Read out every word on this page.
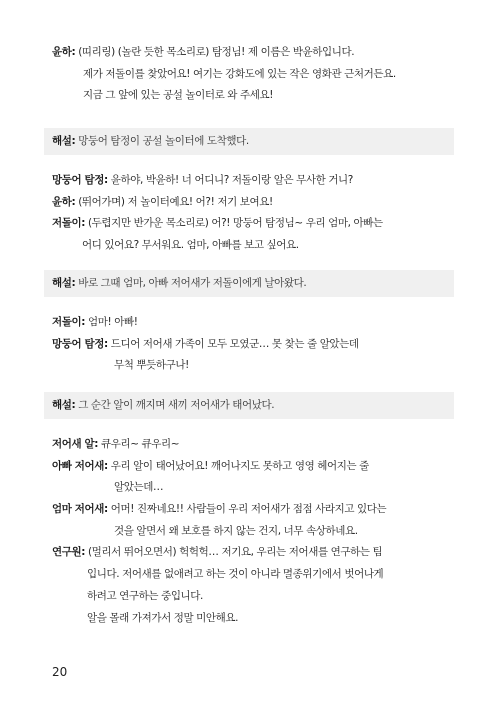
윤하: (띠리링) (놀란 듯한 목소리로) 탐정님! 제 이름은 박윤하입니다.
제가 저돌이를 찾았어요! 여기는 강화도에 있는 작은 영화관 근처거든요.
지금 그 앞에 있는 공설 놀이터로 와 주세요!
해설: 망둥어 탐정이 공설 놀이터에 도착했다.
망둥어 탐정: 윤하야, 박윤하! 너 어디니? 저돌이랑 알은 무사한 거니?
윤하: (뛰어가며) 저 놀이터예요! 어?! 저기 보여요!
저돌이: (두렵지만 반가운 목소리로) 어?! 망둥어 탐정님~ 우리 엄마, 아빠는
어디 있어요? 무서워요. 엄마, 아빠를 보고 싶어요.
해설: 바로 그때 엄마, 아빠 저어새가 저돌이에게 날아왔다.
저돌이: 엄마! 아빠!
망둥어 탐정: 드디어 저어새 가족이 모두 모였군… 못 찾는 줄 알았는데
무척 뿌듯하구나!
해설: 그 순간 알이 깨지며 새끼 저어새가 태어났다.
저어새 알: 큐우리~ 큐우리~
아빠 저어새: 우리 알이 태어났어요! 깨어나지도 못하고 영영 헤어지는 줄
알았는데…
엄마 저어새: 어머! 진짜네요!! 사람들이 우리 저어새가 점점 사라지고 있다는
것을 알면서 왜 보호를 하지 않는 건지, 너무 속상하네요.
연구원: (멀리서 뛰어오면서) 헉헉헉… 저기요, 우리는 저어새를 연구하는 팀
입니다. 저어새를 없애려고 하는 것이 아니라 멸종위기에서 벗어나게
하려고 연구하는 중입니다.
알을 몰래 가져가서 정말 미안해요.
20
